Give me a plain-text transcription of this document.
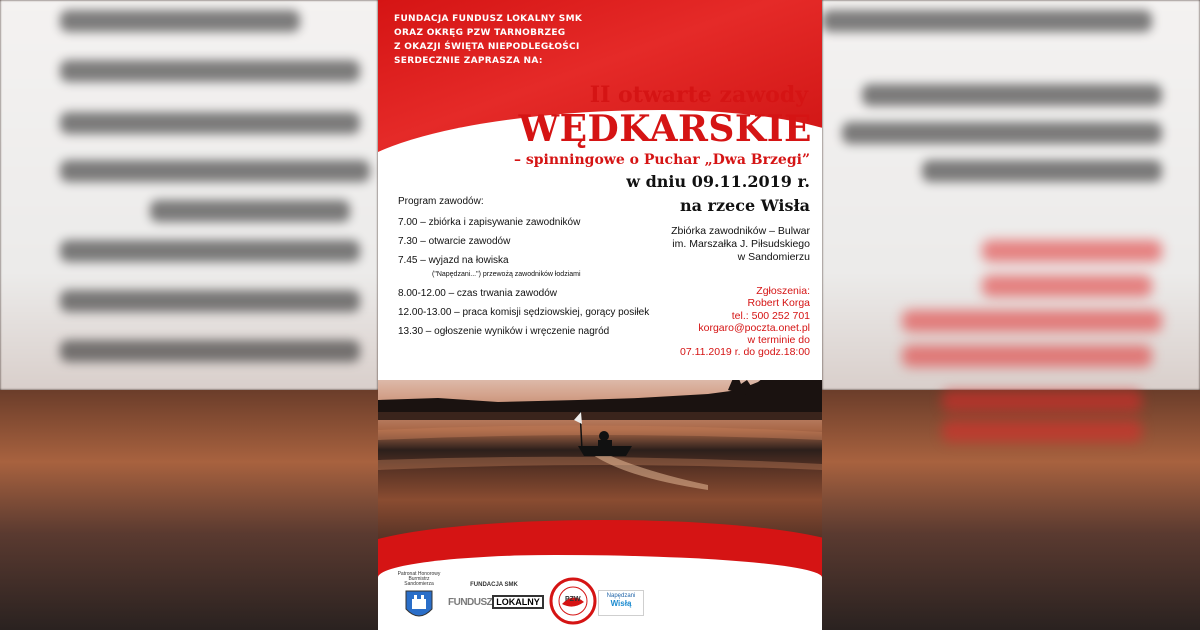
FUNDACJA FUNDUSZ LOKALNY SMK
ORAZ OKRĘG PZW TARNOBRZEG
Z OKAZJI ŚWIĘTA NIEPODLEGŁOŚCI
SERDECZNIE ZAPRASZA NA:
II otwarte zawody
WĘDKARSKIE
– spinningowe o Puchar „Dwa Brzegi”
w dniu 09.11.2019 r.
na rzece Wisła
Program zawodów:
7.00 – zbiórka i zapisywanie zawodników
7.30 – otwarcie zawodów
7.45 – wyjazd na łowiska
("Napędzani...") przewożą zawodników łodziami
8.00-12.00 – czas trwania zawodów
12.00-13.00 – praca komisji sędziowskiej, gorący posiłek
13.30 – ogłoszenie wyników i wręczenie nagród
Zbiórka zawodników – Bulwar
im. Marszałka J. Piłsudskiego
w Sandomierzu
Zgłoszenia:
Robert Korga
tel.: 500 252 701
korgaro@poczta.onet.pl
w terminie do
07.11.2019 r. do godz.18:00
Patronat Honorowy Burmistrz Sandomierza	FUNDACJA SMK
FUNDUSZ LOKALNY	PZW	Napędzani
Wisłą
